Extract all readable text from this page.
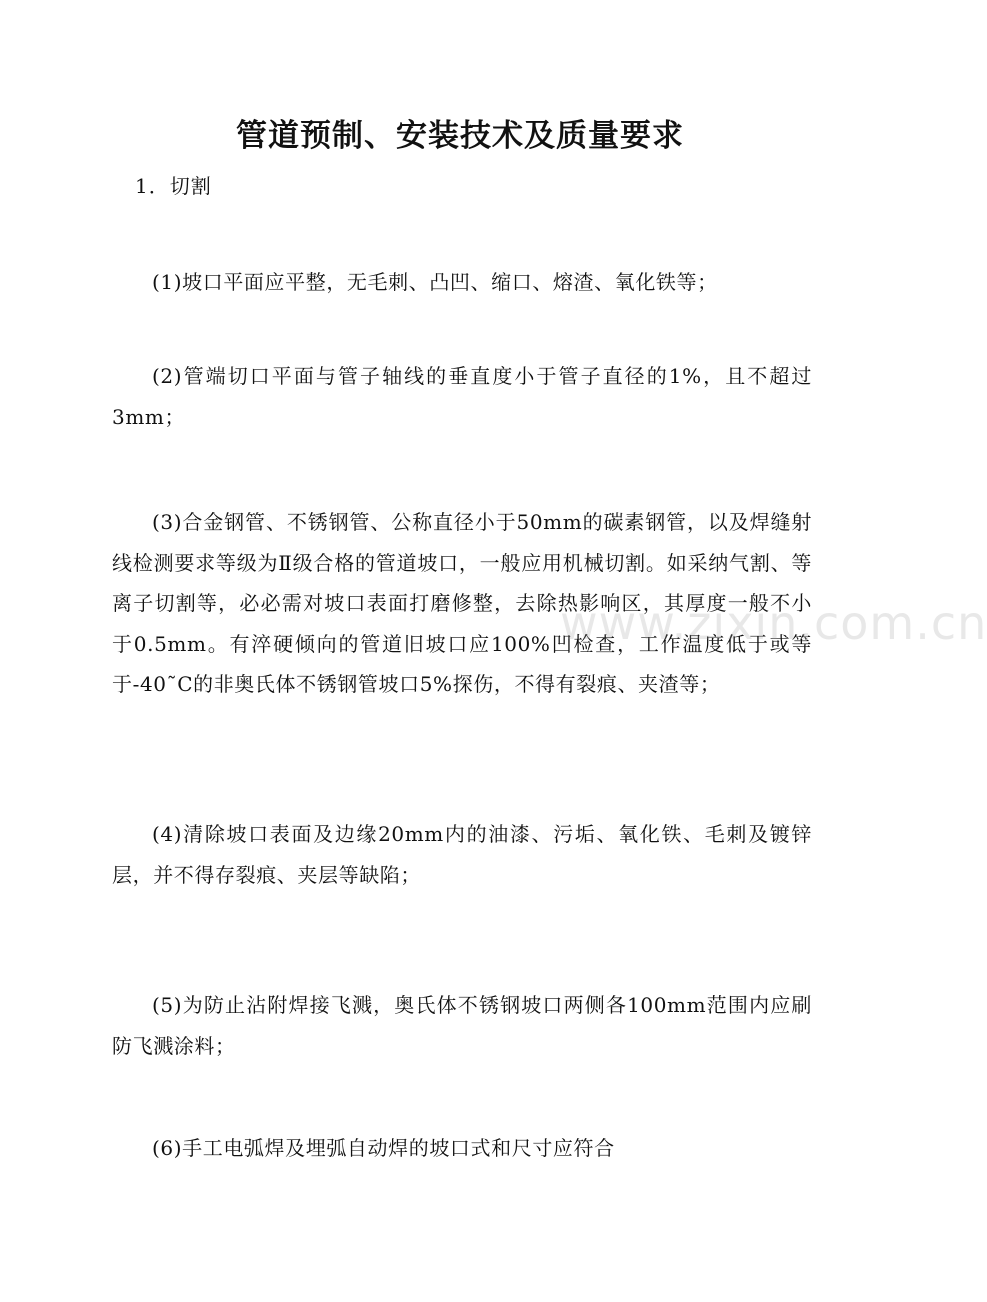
管道预制、安装技术及质量要求
1．切割

(1)坡口平面应平整，无毛刺、凸凹、缩口、熔渣、氧化铁等；

(2)管端切口平面与管子轴线的垂直度小于管子直径的1%，且不超过3mm；

(3)合金钢管、不锈钢管、公称直径小于50mm的碳素钢管，以及焊缝射线检测要求等级为Ⅱ级合格的管道坡口，一般应用机械切割。如采纳气割、等离子切割等，必必需对坡口表面打磨修整，去除热影响区，其厚度一般不小于0.5mm。有淬硬倾向的管道旧坡口应100%凹检查，工作温度低于或等于-40˜C的非奥氏体不锈钢管坡口5%探伤，不得有裂痕、夹渣等；

(4)清除坡口表面及边缘20mm内的油漆、污垢、氧化铁、毛刺及镀锌层，并不得存裂痕、夹层等缺陷；

(5)为防止沾附焊接飞溅，奥氏体不锈钢坡口两侧各100mm范围内应刷防飞溅涂料；

(6)手工电弧焊及埋弧自动焊的坡口式和尺寸应符合

www.zixin.com.cn
